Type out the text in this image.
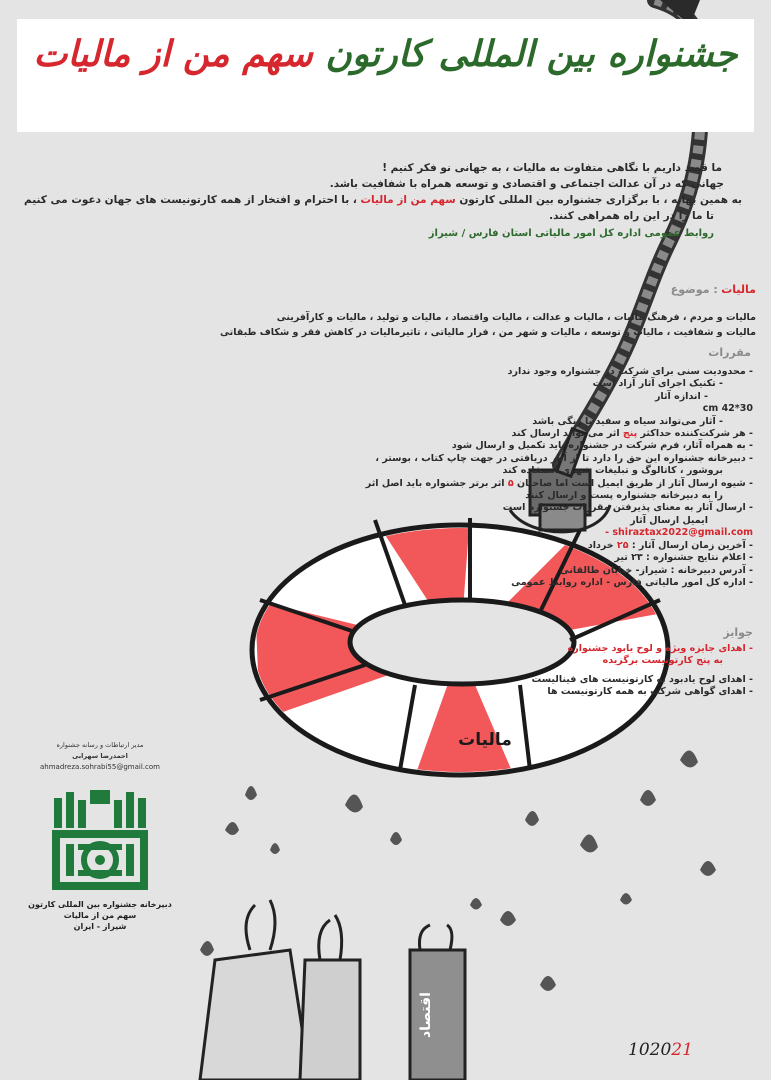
جشنواره بین المللی کارتون سهم من از مالیات
ما قصد داریم با نگاهی متفاوت به مالیات ، به جهانی نو فکر کنیم !
جهانی که در آن عدالت اجتماعی و اقتصادی و توسعه همراه با شفافیت باشد.
به همین بهانه ، با برگزاری جشنواره بین المللی کارتون سهم من از مالیات ، با احترام و افتخار از همه کارتونیست های جهان دعوت می کنیم
تا ما را در این راه همراهی کنند.
روابط عمومی اداره کل امور مالیاتی استان فارس / شیراز
مالیات : موضوع
مالیات و مردم ، فرهنگ مالیات ، مالیات و عدالت ، مالیات واقتصاد ، مالیات و تولید ، مالیات و کارآفرینی
مالیات و شفافیت ، مالیات و توسعه ، مالیات و شهر من ، فرار مالیاتی ، تاثیرمالیات در کاهش فقر و شکاف طبقاتی
مقررات
- محدودیت سنی برای شرکت در جشنواره وجود ندارد
- تکنیک اجرای آثار آزاد است
- اندازه آثار
30*42 cm
- آثار می‌تواند سیاه و سفید یا رنگی باشد
- هر شرکت‌کننده حداکثر پنج اثر می تواند ارسال کند
- به همراه آثار، فرم شرکت در جشنواره باید تکمیل و ارسال شود
- دبیرخانه جشنواره این حق را دارد تا از آثار دریافتی در جهت چاپ کتاب ، بوستر ،
بروشور ، کاتالوگ و تبلیغات شهری استفاده کند
- شیوه ارسال آثار از طریق ایمیل است اما صاحبان ۵ اثر برتر جشنواره باید اصل اثر
را به دبیرخانه جشنواره پست و ارسال کنند
- ارسال آثار به معنای پذیرفتن مقررات جشنواره است
ایمیل ارسال آثار
- shiraztax2022@gmail.com
- آخرین زمان ارسال آثار : ۲۵ خرداد
- اعلام نتایج جشنواره : ۲۳ تیر
- آدرس دبیرخانه : شیراز- خیابان طالقانی
- اداره کل امور مالیاتی فارس - اداره روابط عمومی
جوایز
- اهدای جایزه ویژه و لوح یابود جشنواره
به پنج کارتونیست برگزیده
- اهدای لوح یادبود به کارتونیست های فینالیست
- اهدای گواهی شرکت به همه کارتونیست ها
مدیر ارتباطات و رسانه جشنواره
احمدرضا سهرابی
ahmadreza.sohrabi55@gmail.com
دبیرخانه جشنواره بین المللی کارتون
سهم من از مالیات
شیراز - ایران
مالیات
اقتصاد
102021
